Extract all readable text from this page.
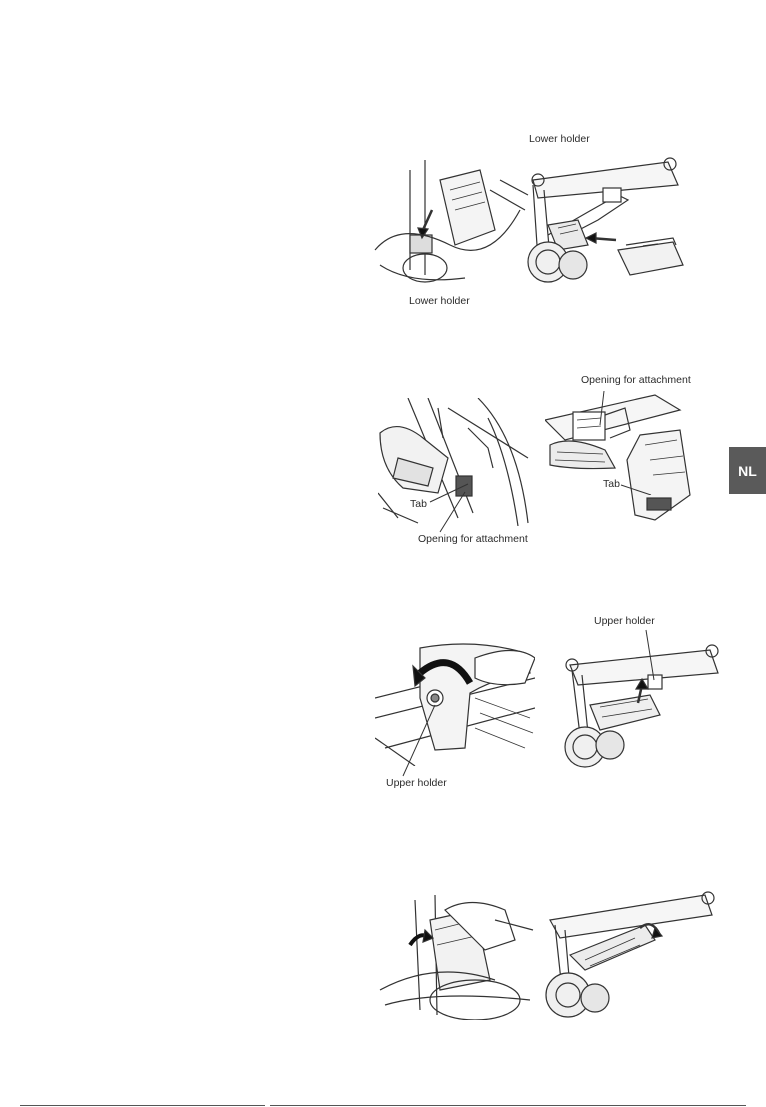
Lower holder
Lower holder
Opening for attachment
Tab
Tab
Opening for attachment
Upper holder
Upper holder
NL
